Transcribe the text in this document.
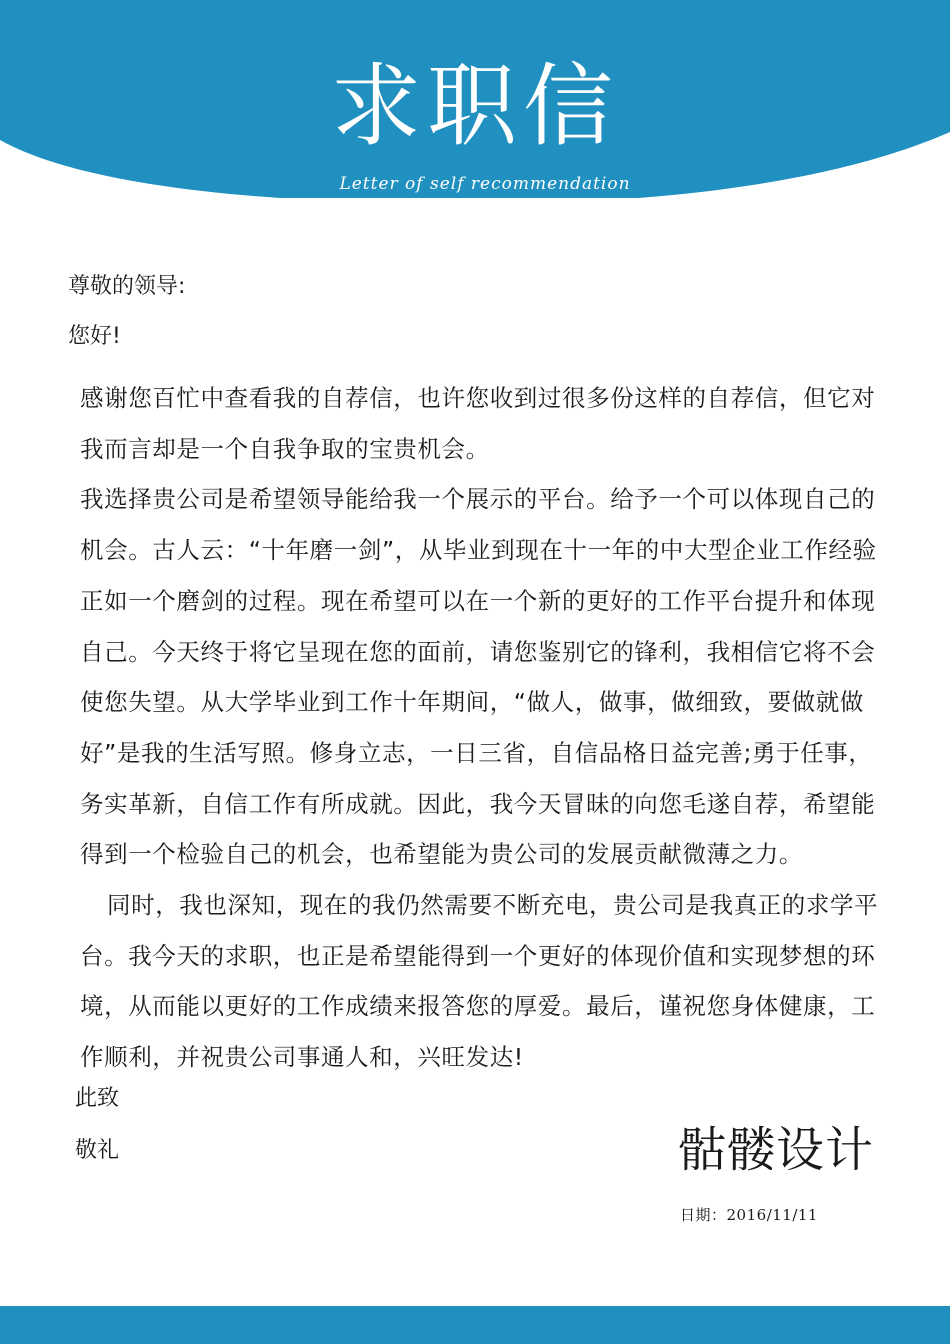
求职信
Letter of self recommendation
尊敬的领导:
您好!

感谢您百忙中查看我的自荐信，也许您收到过很多份这样的自荐信，但它对我而言却是一个自我争取的宝贵机会。

我选择贵公司是希望领导能给我一个展示的平台。给予一个可以体现自己的机会。古人云：“十年磨一剑”，从毕业到现在十一年的中大型企业工作经验正如一个磨剑的过程。现在希望可以在一个新的更好的工作平台提升和体现自己。今天终于将它呈现在您的面前，请您鉴别它的锋利，我相信它将不会使您失望。从大学毕业到工作十年期间，“做人，做事，做细致，要做就做好”是我的生活写照。修身立志，一日三省，自信品格日益完善;勇于任事，务实革新，自信工作有所成就。因此，我今天冒昧的向您毛遂自荐，希望能得到一个检验自己的机会，也希望能为贵公司的发展贡献微薄之力。

同时，我也深知，现在的我仍然需要不断充电，贵公司是我真正的求学平台。我今天的求职，也正是希望能得到一个更好的体现价值和实现梦想的环境，从而能以更好的工作成绩来报答您的厚爱。最后，谨祝您身体健康，工作顺利，并祝贵公司事通人和，兴旺发达!

此致
敬礼	骷髅设计
日期：2016/11/11
